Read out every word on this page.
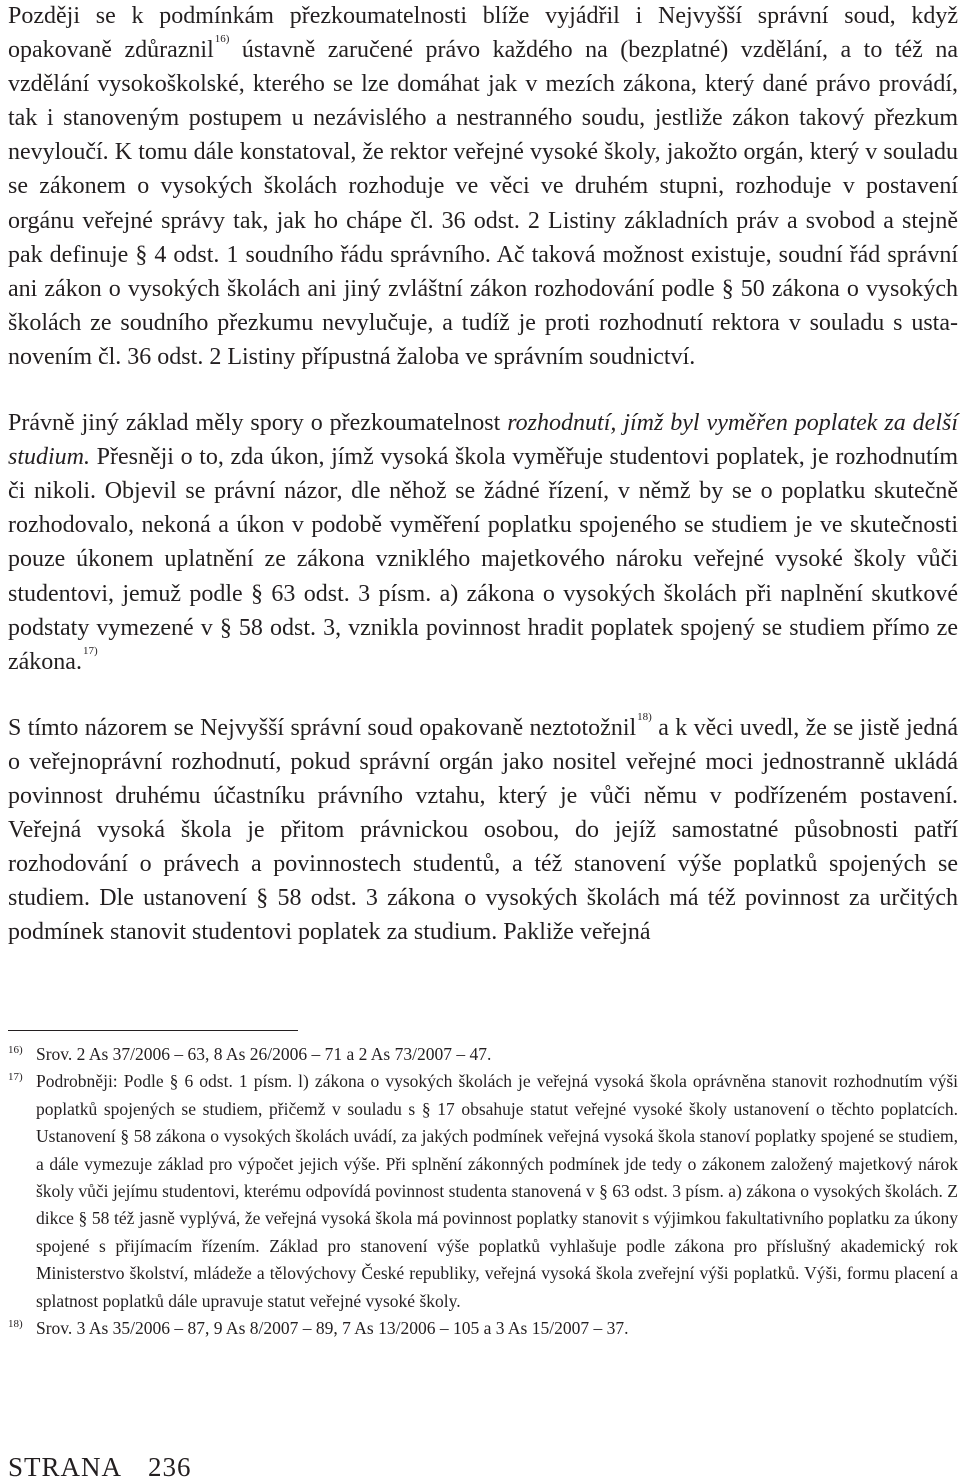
Později se k podmínkám přezkoumatelnosti blíže vyjádřil i Nejvyšší správní soud, když opakovaně zdůraznil$^{16)}$ ústavně zaručené právo každého na (bezplatné) vzdělání, a to též na vzdělání vysokoškolské, kterého se lze domáhat jak v mezích zákona, který dané právo provádí, tak i stanoveným postupem u nezávislého a nestranného soudu, jestliže zákon takový přezkum nevyloučí. K tomu dále konstatoval, že rektor veřejné vysoké školy, jakožto orgán, který v souladu se zákonem o vysokých školách rozhoduje ve věci ve druhém stupni, rozhoduje v postavení orgánu veřejné správy tak, jak ho chápe čl. 36 odst. 2 Listiny základních práv a svobod a stejně pak definuje § 4 odst. 1 soudního řádu správního. Ač taková možnost existuje, soudní řád správní ani zákon o vysokých školách ani jiný zvláštní zákon rozhodování podle § 50 zákona o vysokých školách ze soudního přezkumu nevylučuje, a tudíž je proti rozhodnutí rektora v souladu s ustanovením čl. 36 odst. 2 Listiny přípustná žaloba ve správním soudnictví.

Právně jiný základ měly spory o přezkoumatelnost rozhodnutí, jímž byl vyměřen poplatek za delší studium. Přesněji o to, zda úkon, jímž vysoká škola vyměřuje studentovi poplatek, je rozhodnutím či nikoli. Objevil se právní názor, dle něhož se žádné řízení, v němž by se o poplatku skutečně rozhodovalo, nekoná a úkon v podobě vyměření poplatku spojeného se studiem je ve skutečnosti pouze úkonem uplatnění ze zákona vzniklého majetkového nároku veřejné vysoké školy vůči studentovi, jemuž podle § 63 odst. 3 písm. a) zákona o vysokých školách při naplnění skutkové podstaty vymezené v § 58 odst. 3, vznikla povinnost hradit poplatek spojený se studiem přímo ze zákona.$^{17)}$

S tímto názorem se Nejvyšší správní soud opakovaně neztotožnil$^{18)}$ a k věci uvedl, že se jistě jedná o veřejnoprávní rozhodnutí, pokud správní orgán jako nositel veřejné moci jednostranně ukládá povinnost druhému účastníku právního vztahu, který je vůči němu v podřízeném postavení. Veřejná vysoká škola je přitom právnickou osobou, do jejíž samostatné působnosti patří rozhodování o právech a povinnostech studentů, a též stanovení výše poplatků spojených se studiem. Dle ustanovení § 58 odst. 3 zákona o vysokých školách má též povinnost za určitých podmínek stanovit studentovi poplatek za studium. Pakliže veřejná

16) Srov. 2 As 37/2006 – 63, 8 As 26/2006 – 71 a 2 As 73/2007 – 47.
17) Podrobněji: Podle § 6 odst. 1 písm. l) zákona o vysokých školách je veřejná vysoká škola oprávněna stanovit rozhodnutím výši poplatků spojených se studiem, přičemž v souladu s § 17 obsahuje statut veřejné vysoké školy ustanovení o těchto poplatcích. Ustanovení § 58 zákona o vysokých školách uvádí, za jakých podmínek veřejná vysoká škola stanoví poplatky spojené se studiem, a dále vymezuje základ pro výpočet jejich výše. Při splnění zákonných podmínek jde tedy o zákonem založený majetkový nárok školy vůči jejímu studentovi, kterému odpovídá povinnost studenta stanovená v § 63 odst. 3 písm. a) zákona o vysokých školách. Z dikce § 58 též jasně vyplývá, že veřejná vysoká škola má povinnost poplatky stanovit s výjimkou fakultativního poplatku za úkony spojené s přijímacím řízením. Základ pro stanovení výše poplatků vyhlašuje podle zákona pro příslušný akademický rok Ministerstvo školství, mládeže a tělovýchovy České republiky, veřejná vysoká škola zveřejní výši poplatků. Výši, formu placení a splatnost poplatků dále upravuje statut veřejné vysoké školy.
18) Srov. 3 As 35/2006 – 87, 9 As 8/2007 – 89, 7 As 13/2006 – 105 a 3 As 15/2007 – 37.
STRANA 236
